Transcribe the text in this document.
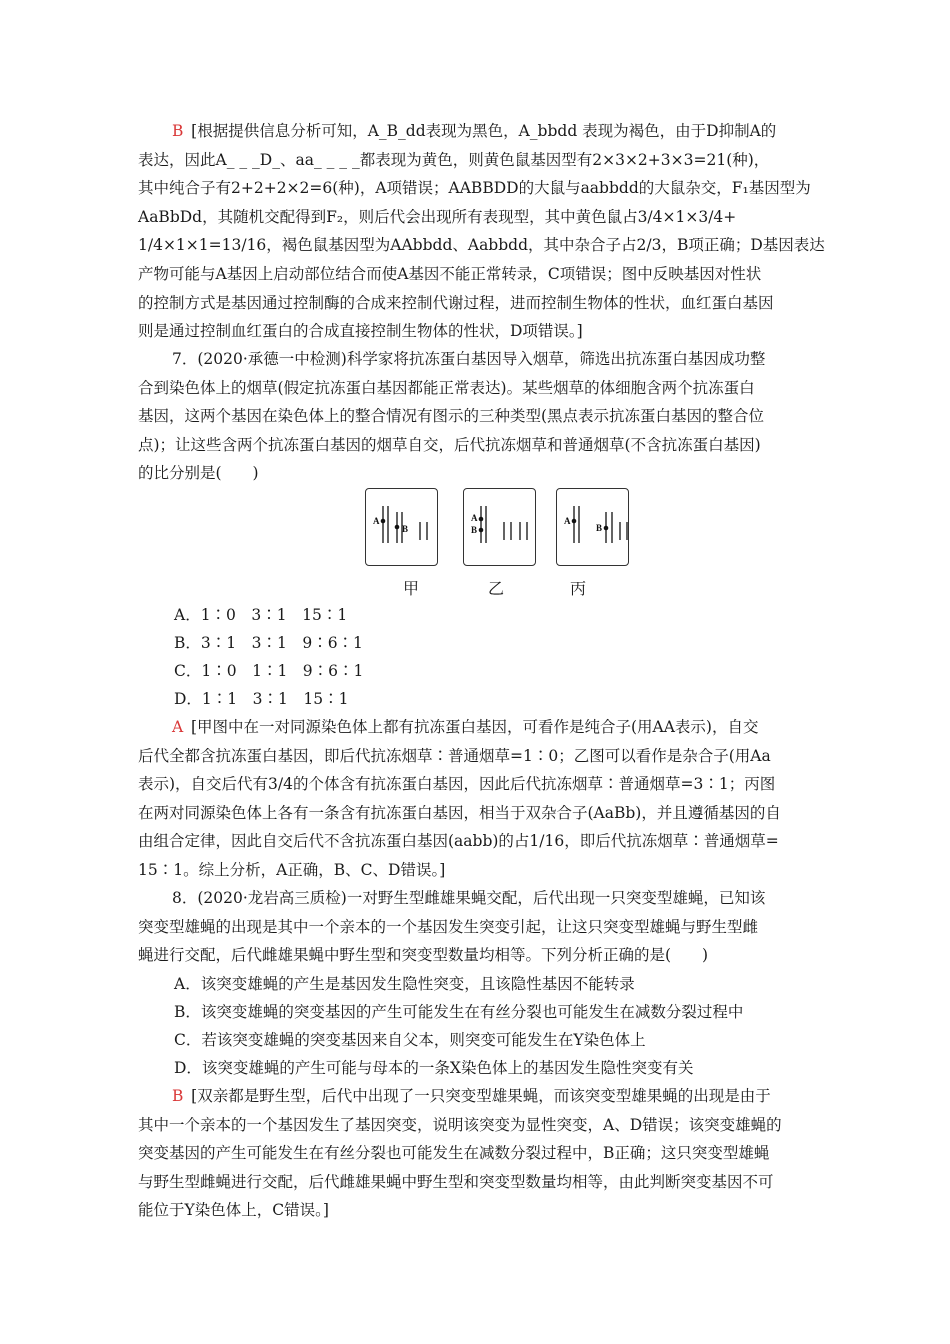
B  [根据提供信息分析可知，A_B_dd表现为黑色，A_bbdd 表现为褐色，由于D抑制A的
表达，因此A_ _ _D_、aa_ _ _ _都表现为黄色，则黄色鼠基因型有2×3×2+3×3=21(种)，
其中纯合子有2+2+2×2=6(种)，A项错误；AABBDD的大鼠与aabbdd的大鼠杂交，F₁基因型为
AaBbDd，其随机交配得到F₂，则后代会出现所有表现型，其中黄色鼠占3/4×1×3/4+
1/4×1×1=13/16，褐色鼠基因型为AAbbdd、Aabbdd，其中杂合子占2/3，B项正确；D基因表达
产物可能与A基因上启动部位结合而使A基因不能正常转录，C项错误；图中反映基因对性状
的控制方式是基因通过控制酶的合成来控制代谢过程，进而控制生物体的性状，血红蛋白基因
则是通过控制血红蛋白的合成直接控制生物体的性状，D项错误。]
7．(2020·承德一中检测)科学家将抗冻蛋白基因导入烟草，筛选出抗冻蛋白基因成功整
合到染色体上的烟草(假定抗冻蛋白基因都能正常表达)。某些烟草的体细胞含两个抗冻蛋白
基因，这两个基因在染色体上的整合情况有图示的三种类型(黑点表示抗冻蛋白基因的整合位
点)；让这些含两个抗冻蛋白基因的烟草自交，后代抗冻烟草和普通烟草(不含抗冻蛋白基因)
的比分别是(　　)
A
B
A
B
A
B
甲	乙	丙
A．1∶0　3∶1　15∶1
B．3∶1　3∶1　9∶6∶1
C．1∶0　1∶1　9∶6∶1
D．1∶1　3∶1　15∶1
A  [甲图中在一对同源染色体上都有抗冻蛋白基因，可看作是纯合子(用AA表示)，自交
后代全都含抗冻蛋白基因，即后代抗冻烟草∶普通烟草=1∶0；乙图可以看作是杂合子(用Aa
表示)，自交后代有3/4的个体含有抗冻蛋白基因，因此后代抗冻烟草∶普通烟草=3∶1；丙图
在两对同源染色体上各有一条含有抗冻蛋白基因，相当于双杂合子(AaBb)，并且遵循基因的自
由组合定律，因此自交后代不含抗冻蛋白基因(aabb)的占1/16，即后代抗冻烟草∶普通烟草=
15∶1。综上分析，A正确，B、C、D错误。]
8．(2020·龙岩高三质检)一对野生型雌雄果蝇交配，后代出现一只突变型雄蝇，已知该
突变型雄蝇的出现是其中一个亲本的一个基因发生突变引起，让这只突变型雄蝇与野生型雌
蝇进行交配，后代雌雄果蝇中野生型和突变型数量均相等。下列分析正确的是(　　)
A．该突变雄蝇的产生是基因发生隐性突变，且该隐性基因不能转录
B．该突变雄蝇的突变基因的产生可能发生在有丝分裂也可能发生在减数分裂过程中
C．若该突变雄蝇的突变基因来自父本，则突变可能发生在Y染色体上
D．该突变雄蝇的产生可能与母本的一条X染色体上的基因发生隐性突变有关
B  [双亲都是野生型，后代中出现了一只突变型雄果蝇，而该突变型雄果蝇的出现是由于
其中一个亲本的一个基因发生了基因突变，说明该突变为显性突变，A、D错误；该突变雄蝇的
突变基因的产生可能发生在有丝分裂也可能发生在减数分裂过程中，B正确；这只突变型雄蝇
与野生型雌蝇进行交配，后代雌雄果蝇中野生型和突变型数量均相等，由此判断突变基因不可
能位于Y染色体上，C错误。]
